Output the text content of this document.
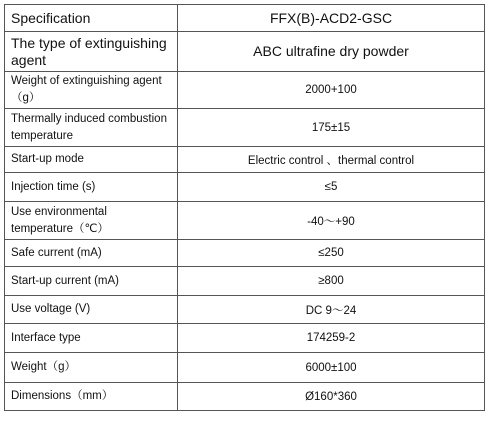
Specification	FFX(B)-ACD2-GSC
The type of extinguishing agent	ABC ultrafine dry powder
Weight of extinguishing agent（g）	2000+100
Thermally induced combustion temperature	175±15
Start-up mode	Electric control 、thermal control
Injection time (s)	≤5
Use environmental temperature（℃）	-40～+90
Safe current (mA)	≤250
Start-up current (mA)	≥800
Use voltage (V)	DC 9～24
Interface type	174259-2
Weight（g）	6000±100
Dimensions（mm）	Ø160*360
